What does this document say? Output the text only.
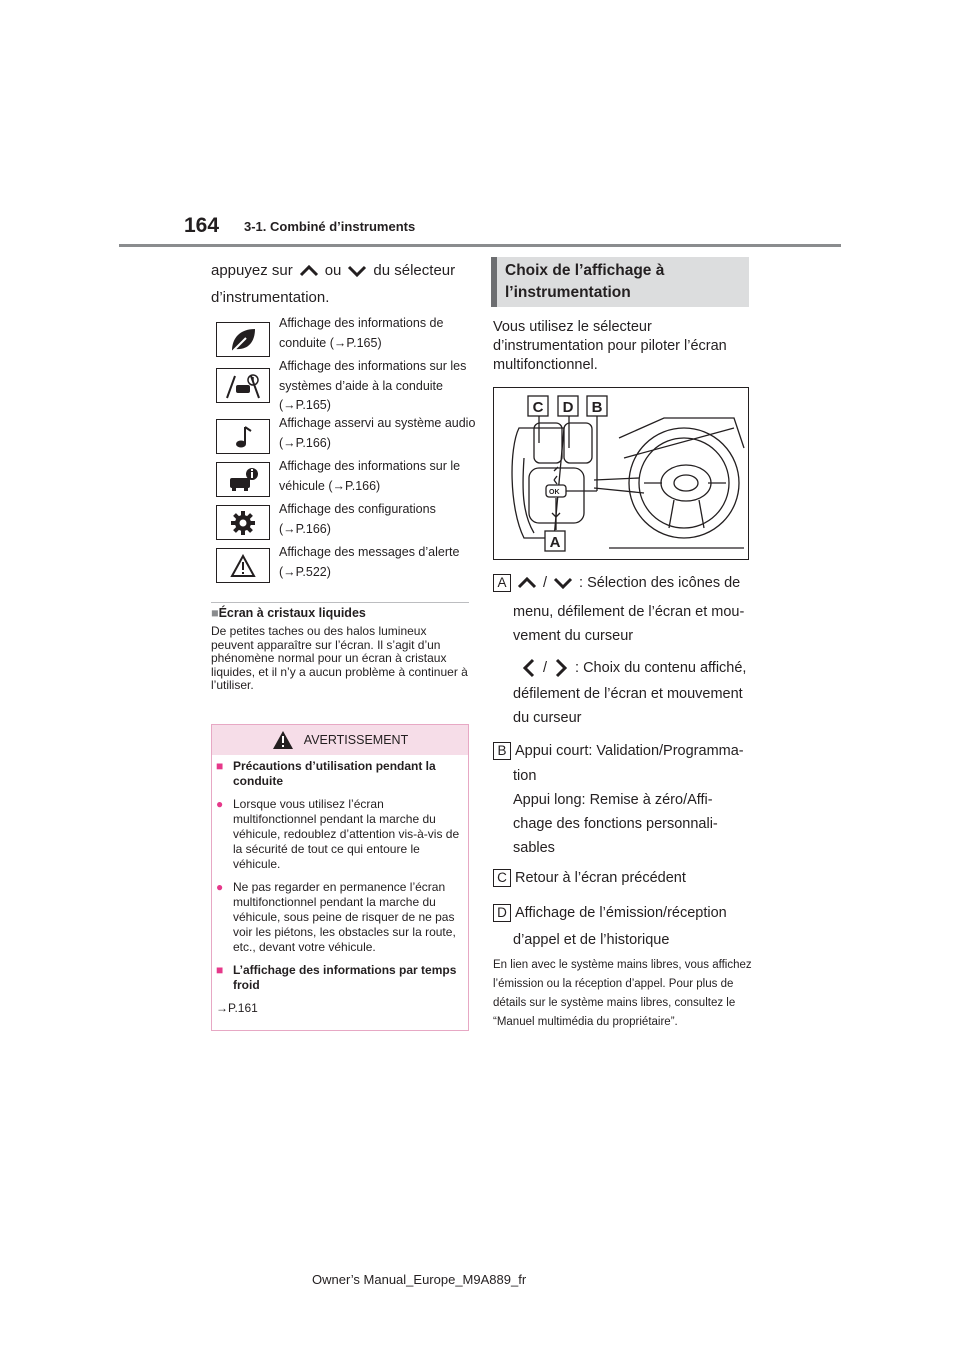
164 3-1. Combiné d’instruments
appuyez sur ou du sélecteur
d’instrumentation.
Affichage des informations de conduite (→P.165)
Affichage des informations sur les systèmes d’aide à la conduite (→P.165)
Affichage asservi au système audio (→P.166)
Affichage des informations sur le véhicule (→P.166)
Affichage des configurations (→P.166)
Affichage des messages d’alerte (→P.522)
■Écran à cristaux liquides
De petites taches ou des halos lumineux peuvent apparaître sur l’écran. Il s’agit d’un phénomène normal pour un écran à cristaux liquides, et il n’y a aucun problème à continuer à l’utiliser.
AVERTISSEMENT
■ Précautions d’utilisation pendant la conduite
● Lorsque vous utilisez l’écran multifonctionnel pendant la marche du véhicule, redoublez d’attention vis-à-vis de la sécurité de tout ce qui entoure le véhicule.
● Ne pas regarder en permanence l’écran multifonctionnel pendant la marche du véhicule, sous peine de risquer de ne pas voir les piétons, les obstacles sur la route, etc., devant votre véhicule.
■ L’affichage des informations par temps froid
→P.161
Choix de l’affichage à l’instrumentation
Vous utilisez le sélecteur d’instrumentation pour piloter l’écran multifonctionnel.
OK
C D B
A
A	/ : Sélection des icônes de
menu, défilement de l’écran et mou-
vement du curseur
/ : Choix du contenu affiché,
défilement de l’écran et mouvement
du curseur
B Appui court: Validation/Programma-
tion
Appui long: Remise à zéro/Affi-
chage des fonctions personnali-
sables
C Retour à l’écran précédent
D Affichage de l’émission/réception
d’appel et de l’historique
En lien avec le système mains libres, vous affichez l’émission ou la réception d’appel. Pour plus de détails sur le système mains libres, consultez le “Manuel multimédia du propriétaire”.
Owner’s Manual_Europe_M9A889_fr
